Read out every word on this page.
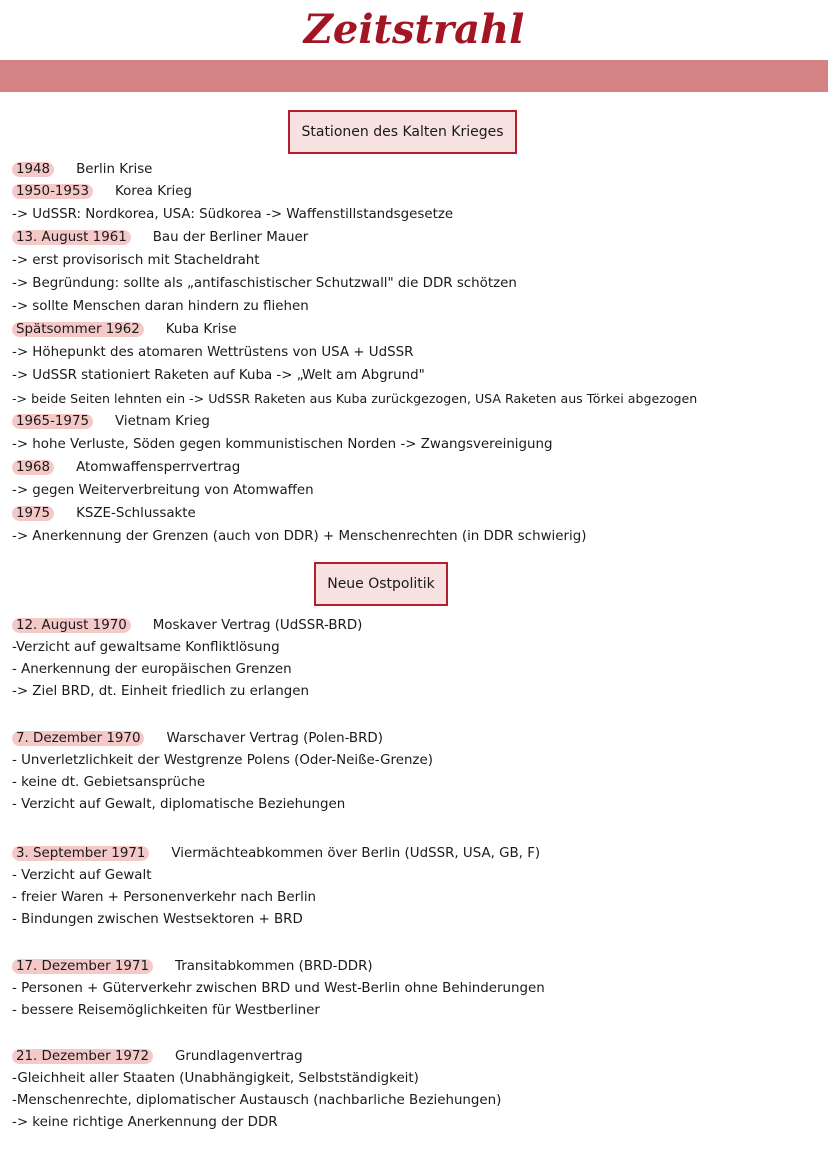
Zeitstrahl
Stationen des Kalten Krieges
1948 Berlin Krise
1950-1953 Korea Krieg
-> UdSSR: Nordkorea, USA: Südkorea -> Waffenstillstandsgesetze
13. August 1961 Bau der Berliner Mauer
-> erst provisorisch mit Stacheldraht
-> Begründung: sollte als „antifaschistischer Schutzwall" die DDR schötzen
-> sollte Menschen daran hindern zu fliehen
Spätsommer 1962 Kuba Krise
-> Höhepunkt des atomaren Wettrüstens von USA + UdSSR
-> UdSSR stationiert Raketen auf Kuba -> „Welt am Abgrund"
-> beide Seiten lehnten ein -> UdSSR Raketen aus Kuba zurückgezogen, USA Raketen aus Törkei abgezogen
1965-1975 Vietnam Krieg
-> hohe Verluste, Söden gegen kommunistischen Norden -> Zwangsvereinigung
1968 Atomwaffensperrvertrag
-> gegen Weiterverbreitung von Atomwaffen
1975 KSZE-Schlussakte
-> Anerkennung der Grenzen (auch von DDR) + Menschenrechten (in DDR schwierig)
Neue Ostpolitik
12. August 1970 Moskaver Vertrag (UdSSR-BRD)
-Verzicht auf gewaltsame Konfliktlösung
- Anerkennung der europäischen Grenzen
-> Ziel BRD, dt. Einheit friedlich zu erlangen
7. Dezember 1970 Warschaver Vertrag (Polen-BRD)
- Unverletzlichkeit der Westgrenze Polens (Oder-Neiße-Grenze)
- keine dt. Gebietsansprüche
- Verzicht auf Gewalt, diplomatische Beziehungen
3. September 1971 Viermächteabkommen över Berlin (UdSSR, USA, GB, F)
- Verzicht auf Gewalt
- freier Waren + Personenverkehr nach Berlin
- Bindungen zwischen Westsektoren + BRD
17. Dezember 1971 Transitabkommen (BRD-DDR)
- Personen + Güterverkehr zwischen BRD und West-Berlin ohne Behinderungen
- bessere Reisemöglichkeiten für Westberliner
21. Dezember 1972 Grundlagenvertrag
-Gleichheit aller Staaten (Unabhängigkeit, Selbstständigkeit)
-Menschenrechte, diplomatischer Austausch (nachbarliche Beziehungen)
-> keine richtige Anerkennung der DDR
